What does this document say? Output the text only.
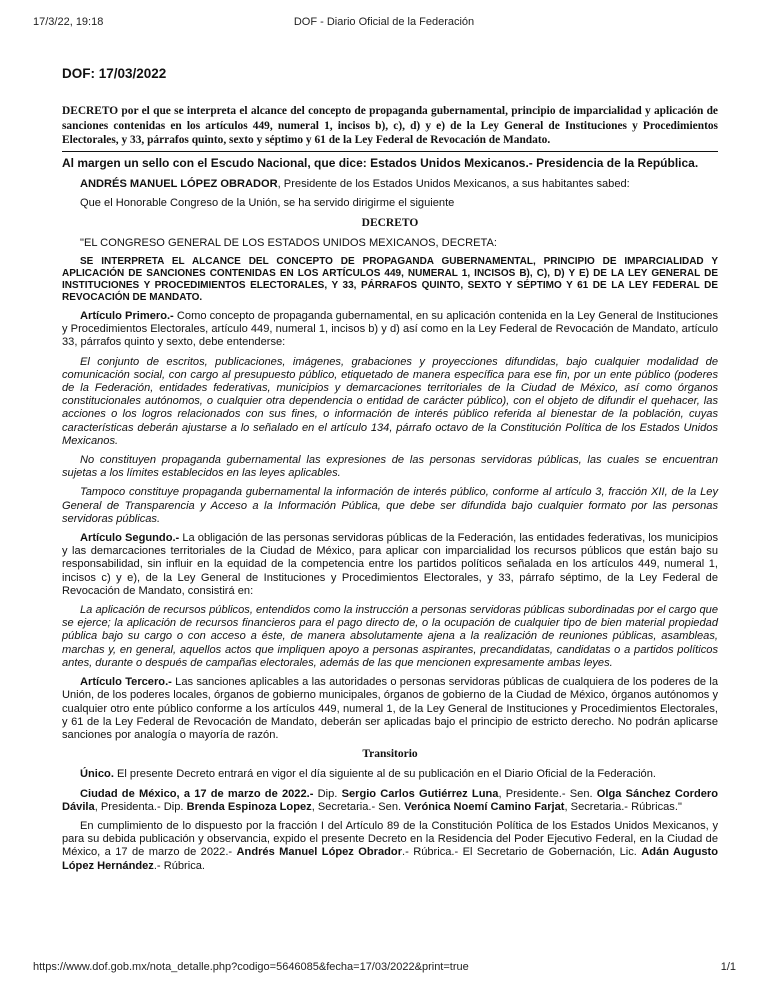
17/3/22, 19:18	DOF - Diario Oficial de la Federación
DOF: 17/03/2022
DECRETO por el que se interpreta el alcance del concepto de propaganda gubernamental, principio de imparcialidad y aplicación de sanciones contenidas en los artículos 449, numeral 1, incisos b), c), d) y e) de la Ley General de Instituciones y Procedimientos Electorales, y 33, párrafos quinto, sexto y séptimo y 61 de la Ley Federal de Revocación de Mandato.

Al margen un sello con el Escudo Nacional, que dice: Estados Unidos Mexicanos.- Presidencia de la República.

ANDRÉS MANUEL LÓPEZ OBRADOR, Presidente de los Estados Unidos Mexicanos, a sus habitantes sabed:

Que el Honorable Congreso de la Unión, se ha servido dirigirme el siguiente

DECRETO

"EL CONGRESO GENERAL DE LOS ESTADOS UNIDOS MEXICANOS, DECRETA:

SE INTERPRETA EL ALCANCE DEL CONCEPTO DE PROPAGANDA GUBERNAMENTAL, PRINCIPIO DE IMPARCIALIDAD Y APLICACIÓN DE SANCIONES CONTENIDAS EN LOS ARTÍCULOS 449, NUMERAL 1, INCISOS B), C), D) Y E) DE LA LEY GENERAL DE INSTITUCIONES Y PROCEDIMIENTOS ELECTORALES, Y 33, PÁRRAFOS QUINTO, SEXTO Y SÉPTIMO Y 61 DE LA LEY FEDERAL DE REVOCACIÓN DE MANDATO.

Artículo Primero.- Como concepto de propaganda gubernamental, en su aplicación contenida en la Ley General de Instituciones y Procedimientos Electorales, artículo 449, numeral 1, incisos b) y d) así como en la Ley Federal de Revocación de Mandato, artículo 33, párrafos quinto y sexto, debe entenderse:

El conjunto de escritos, publicaciones, imágenes, grabaciones y proyecciones difundidas, bajo cualquier modalidad de comunicación social, con cargo al presupuesto público, etiquetado de manera específica para ese fin, por un ente público (poderes de la Federación, entidades federativas, municipios y demarcaciones territoriales de la Ciudad de México, así como órganos constitucionales autónomos, o cualquier otra dependencia o entidad de carácter público), con el objeto de difundir el quehacer, las acciones o los logros relacionados con sus fines, o información de interés público referida al bienestar de la población, cuyas características deberán ajustarse a lo señalado en el artículo 134, párrafo octavo de la Constitución Política de los Estados Unidos Mexicanos.

No constituyen propaganda gubernamental las expresiones de las personas servidoras públicas, las cuales se encuentran sujetas a los límites establecidos en las leyes aplicables.

Tampoco constituye propaganda gubernamental la información de interés público, conforme al artículo 3, fracción XII, de la Ley General de Transparencia y Acceso a la Información Pública, que debe ser difundida bajo cualquier formato por las personas servidoras públicas.

Artículo Segundo.- La obligación de las personas servidoras públicas de la Federación, las entidades federativas, los municipios y las demarcaciones territoriales de la Ciudad de México, para aplicar con imparcialidad los recursos públicos que están bajo su responsabilidad, sin influir en la equidad de la competencia entre los partidos políticos señalada en los artículos 449, numeral 1, incisos c) y e), de la Ley General de Instituciones y Procedimientos Electorales, y 33, párrafo séptimo, de la Ley Federal de Revocación de Mandato, consistirá en:

La aplicación de recursos públicos, entendidos como la instrucción a personas servidoras públicas subordinadas por el cargo que se ejerce; la aplicación de recursos financieros para el pago directo de, o la ocupación de cualquier tipo de bien material propiedad pública bajo su cargo o con acceso a éste, de manera absolutamente ajena a la realización de reuniones públicas, asambleas, marchas y, en general, aquellos actos que impliquen apoyo a personas aspirantes, precandidatas, candidatas o a partidos políticos antes, durante o después de campañas electorales, además de las que mencionen expresamente ambas leyes.

Artículo Tercero.- Las sanciones aplicables a las autoridades o personas servidoras públicas de cualquiera de los poderes de la Unión, de los poderes locales, órganos de gobierno municipales, órganos de gobierno de la Ciudad de México, órganos autónomos y cualquier otro ente público conforme a los artículos 449, numeral 1, de la Ley General de Instituciones y Procedimientos Electorales, y 61 de la Ley Federal de Revocación de Mandato, deberán ser aplicadas bajo el principio de estricto derecho. No podrán aplicarse sanciones por analogía o mayoría de razón.

Transitorio

Único. El presente Decreto entrará en vigor el día siguiente al de su publicación en el Diario Oficial de la Federación.

Ciudad de México, a 17 de marzo de 2022.- Dip. Sergio Carlos Gutiérrez Luna, Presidente.- Sen. Olga Sánchez Cordero Dávila, Presidenta.- Dip. Brenda Espinoza Lopez, Secretaria.- Sen. Verónica Noemí Camino Farjat, Secretaria.- Rúbricas."

En cumplimiento de lo dispuesto por la fracción I del Artículo 89 de la Constitución Política de los Estados Unidos Mexicanos, y para su debida publicación y observancia, expido el presente Decreto en la Residencia del Poder Ejecutivo Federal, en la Ciudad de México, a 17 de marzo de 2022.- Andrés Manuel López Obrador.- Rúbrica.- El Secretario de Gobernación, Lic. Adán Augusto López Hernández.- Rúbrica.

https://www.dof.gob.mx/nota_detalle.php?codigo=5646085&fecha=17/03/2022&print=true	1/1
